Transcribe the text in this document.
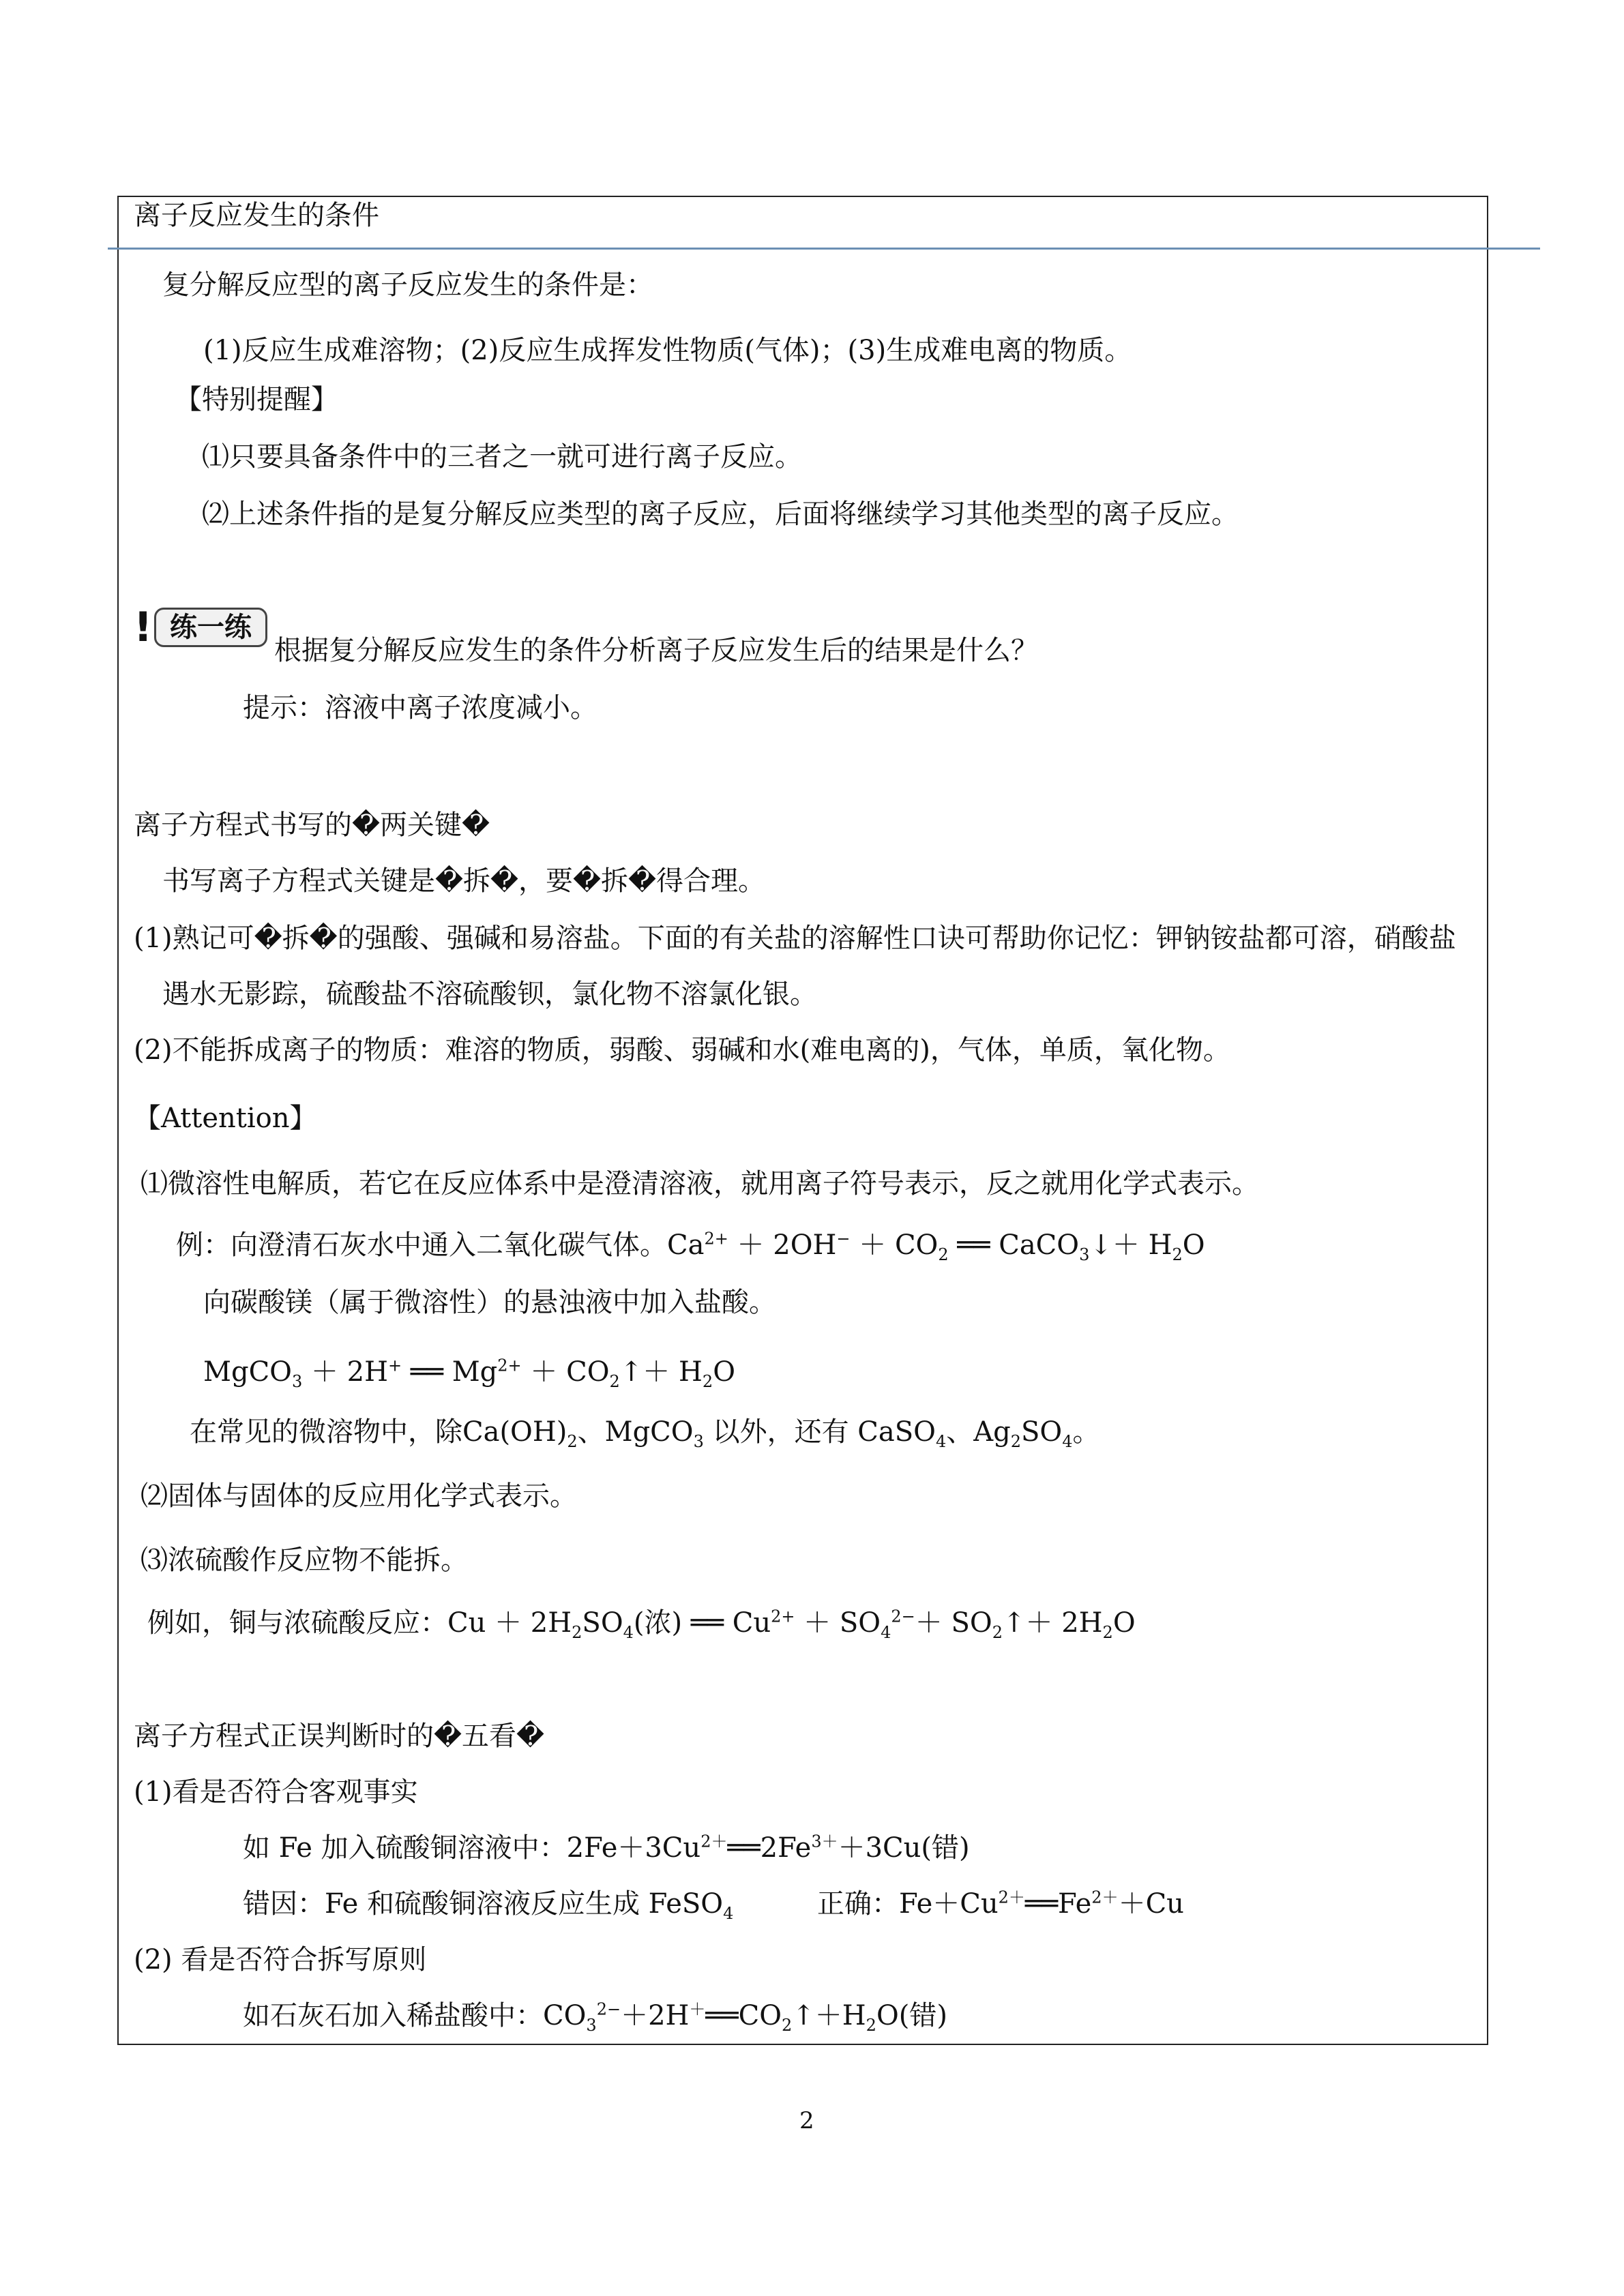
离子反应发生的条件
复分解反应型的离子反应发生的条件是：
(1)反应生成难溶物；(2)反应生成挥发性物质(气体)；(3)生成难电离的物质。
【特别提醒】
⑴只要具备条件中的三者之一就可进行离子反应。
⑵上述条件指的是复分解反应类型的离子反应，后面将继续学习其他类型的离子反应。
! 练一练
根据复分解反应发生的条件分析离子反应发生后的结果是什么？
提示：溶液中离子浓度减小。
离子方程式书写的�两关键�
书写离子方程式关键是�拆�，要�拆�得合理。
(1)熟记可�拆�的强酸、强碱和易溶盐。下面的有关盐的溶解性口诀可帮助你记忆：钾钠铵盐都可溶，硝酸盐
遇水无影踪，硫酸盐不溶硫酸钡，氯化物不溶氯化银。
(2)不能拆成离子的物质：难溶的物质，弱酸、弱碱和水(难电离的)，气体，单质，氧化物。
【Attention】
⑴微溶性电解质，若它在反应体系中是澄清溶液，就用离子符号表示，反之就用化学式表示。
例：向澄清石灰水中通入二氧化碳气体。$Ca^{2+} + 2OH^- + CO_2$ ══ CaCO$_3$↓＋ $H_2O$
向碳酸镁（属于微溶性）的悬浊液中加入盐酸。
MgCO$_3$ ＋ 2H+ ══ $Mg^{2+}$ ＋ $CO_2↑+ H_2O$
在常见的微溶物中，除$Ca(OH)_2$、MgCO$_3$ 以外，还有 CaSO$_4$、$Ag_2SO_4$。
⑵固体与固体的反应用化学式表示。
⑶浓硫酸作反应物不能拆。
例如，铜与浓硫酸反应：$Cu + 2H_2SO_4$(浓) ══ $Cu^{2+} + SO_4^{2-}+$ $SO_2↑+ 2H_2O$
离子方程式正误判断时的�五看�
(1)看是否符合客观事实
如 Fe 加入硫酸铜溶液中：$2Fe+3Cu^{2+}══2Fe^{3+}+3Cu$(错)
错因：Fe 和硫酸铜溶液反应生成 FeSO$_4$	正确：$Fe+Cu^{2+}══Fe^{2+}+Cu$
(2) 看是否符合拆写原则
如石灰石加入稀盐酸中：$CO_3^{2-}+2H^+══CO_2↑+H_2O$(错)
2
